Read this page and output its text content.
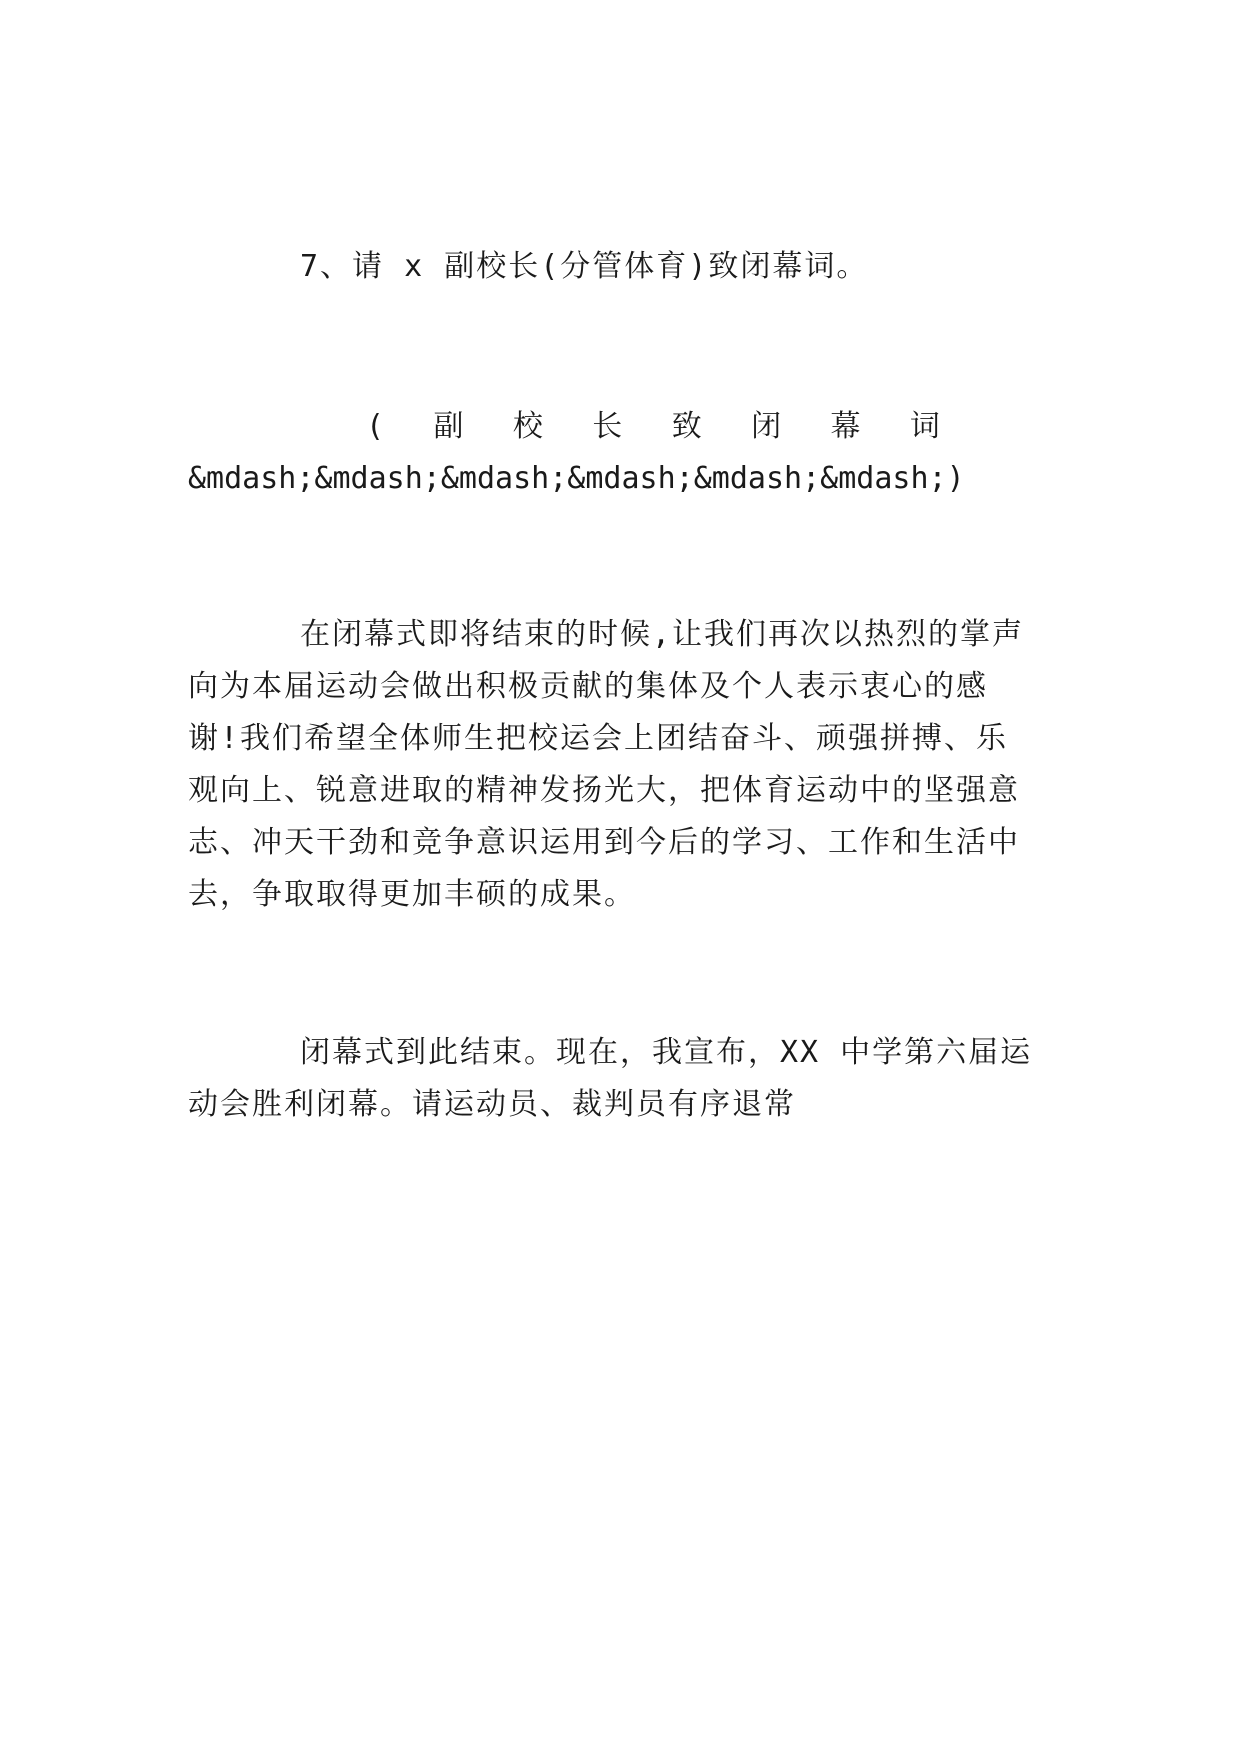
7、请 x 副校长(分管体育)致闭幕词。
( 副 校 长 致 闭 幕 词
&mdash;&mdash;&mdash;&mdash;&mdash;&mdash;)
在闭幕式即将结束的时候,让我们再次以热烈的掌声
向为本届运动会做出积极贡献的集体及个人表示衷心的感
谢!我们希望全体师生把校运会上团结奋斗、顽强拼搏、乐
观向上、锐意进取的精神发扬光大，把体育运动中的坚强意
志、冲天干劲和竞争意识运用到今后的学习、工作和生活中
去，争取取得更加丰硕的成果。
闭幕式到此结束。现在，我宣布，XX 中学第六届运
动会胜利闭幕。请运动员、裁判员有序退常
